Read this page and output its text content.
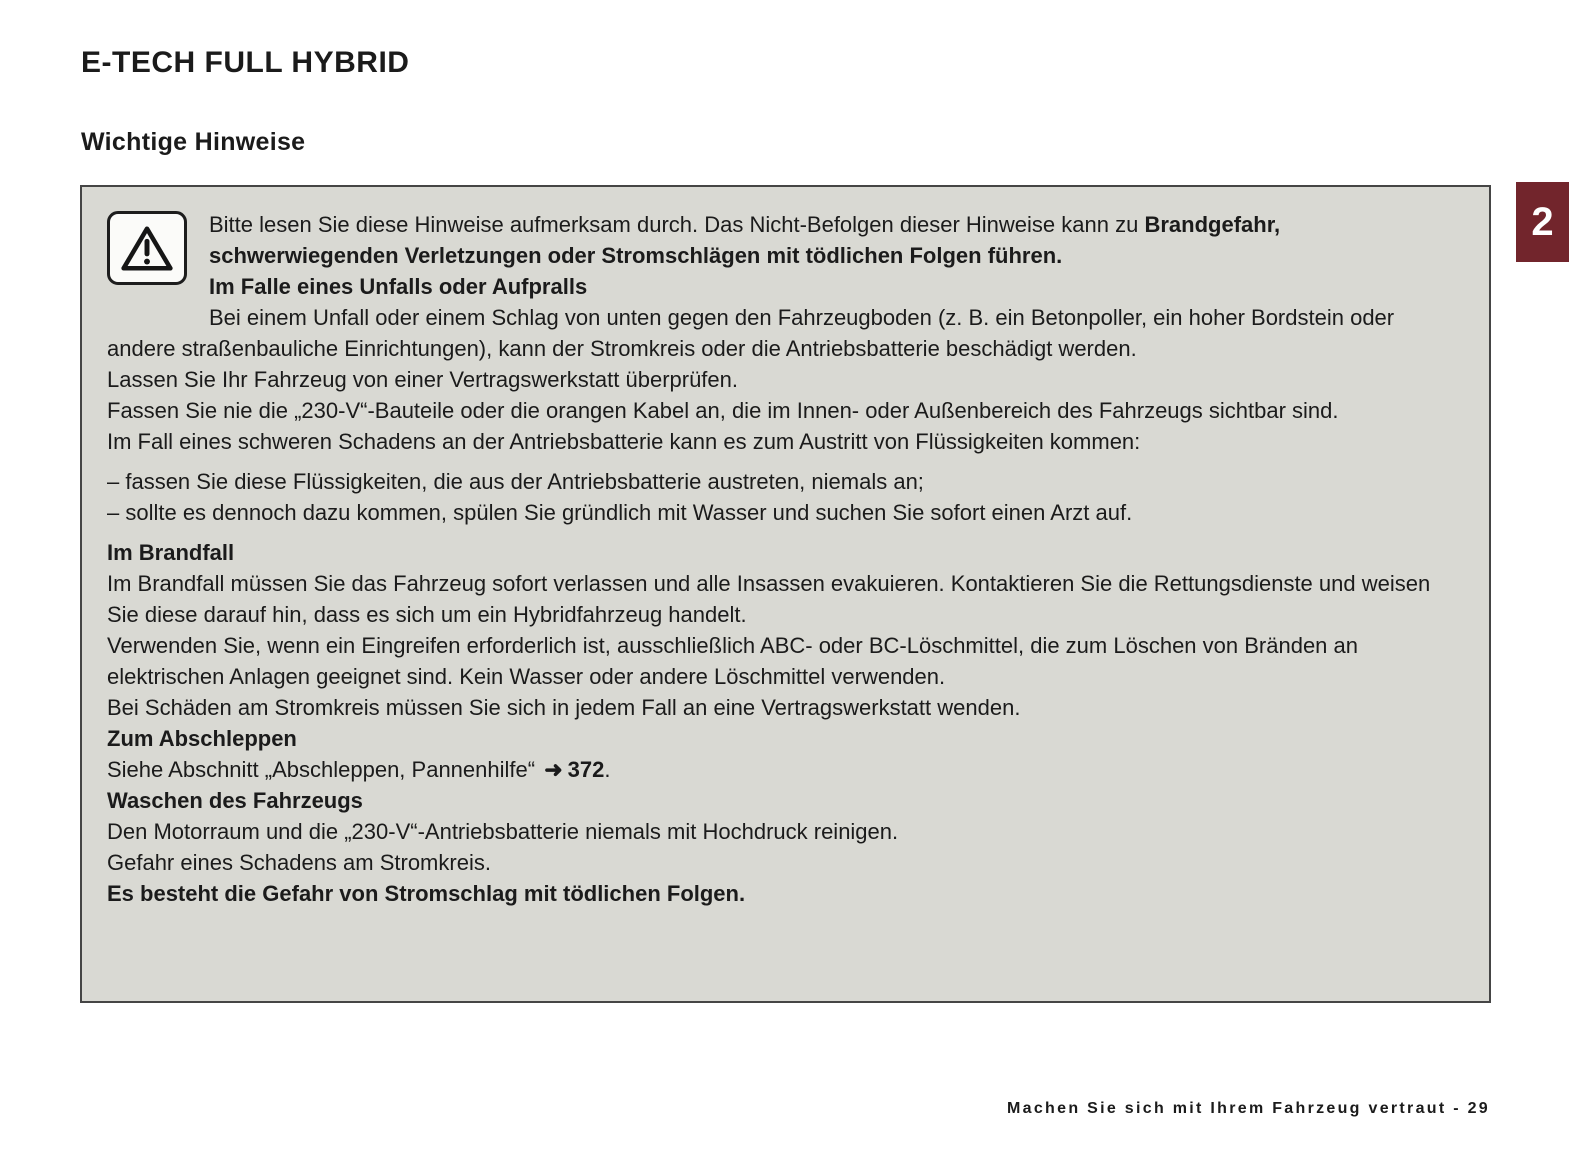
E-TECH FULL HYBRID
Wichtige Hinweise
2

Bitte lesen Sie diese Hinweise aufmerksam durch. Das Nicht-Befolgen dieser Hinweise kann zu Brandgefahr, schwerwiegenden Verletzungen oder Stromschlägen mit tödlichen Folgen führen.

Im Falle eines Unfalls oder Aufpralls

Bei einem Unfall oder einem Schlag von unten gegen den Fahrzeugboden (z. B. ein Betonpoller, ein hoher Bordstein oder andere straßenbauliche Einrichtungen), kann der Stromkreis oder die Antriebsbatterie beschädigt werden.

Lassen Sie Ihr Fahrzeug von einer Vertragswerkstatt überprüfen.

Fassen Sie nie die „230-V“-Bauteile oder die orangen Kabel an, die im Innen- oder Außenbereich des Fahrzeugs sichtbar sind.

Im Fall eines schweren Schadens an der Antriebsbatterie kann es zum Austritt von Flüssigkeiten kommen:

– fassen Sie diese Flüssigkeiten, die aus der Antriebsbatterie austreten, niemals an;

– sollte es dennoch dazu kommen, spülen Sie gründlich mit Wasser und suchen Sie sofort einen Arzt auf.

Im Brandfall

Im Brandfall müssen Sie das Fahrzeug sofort verlassen und alle Insassen evakuieren. Kontaktieren Sie die Rettungsdienste und weisen Sie diese darauf hin, dass es sich um ein Hybridfahrzeug handelt.

Verwenden Sie, wenn ein Eingreifen erforderlich ist, ausschließlich ABC- oder BC-Löschmittel, die zum Löschen von Bränden an elektrischen Anlagen geeignet sind. Kein Wasser oder andere Löschmittel verwenden.

Bei Schäden am Stromkreis müssen Sie sich in jedem Fall an eine Vertragswerkstatt wenden.

Zum Abschleppen

Siehe Abschnitt „Abschleppen, Pannenhilfe“ ➜ 372.

Waschen des Fahrzeugs

Den Motorraum und die „230-V“-Antriebsbatterie niemals mit Hochdruck reinigen.

Gefahr eines Schadens am Stromkreis.

Es besteht die Gefahr von Stromschlag mit tödlichen Folgen.

Machen Sie sich mit Ihrem Fahrzeug vertraut - 29
